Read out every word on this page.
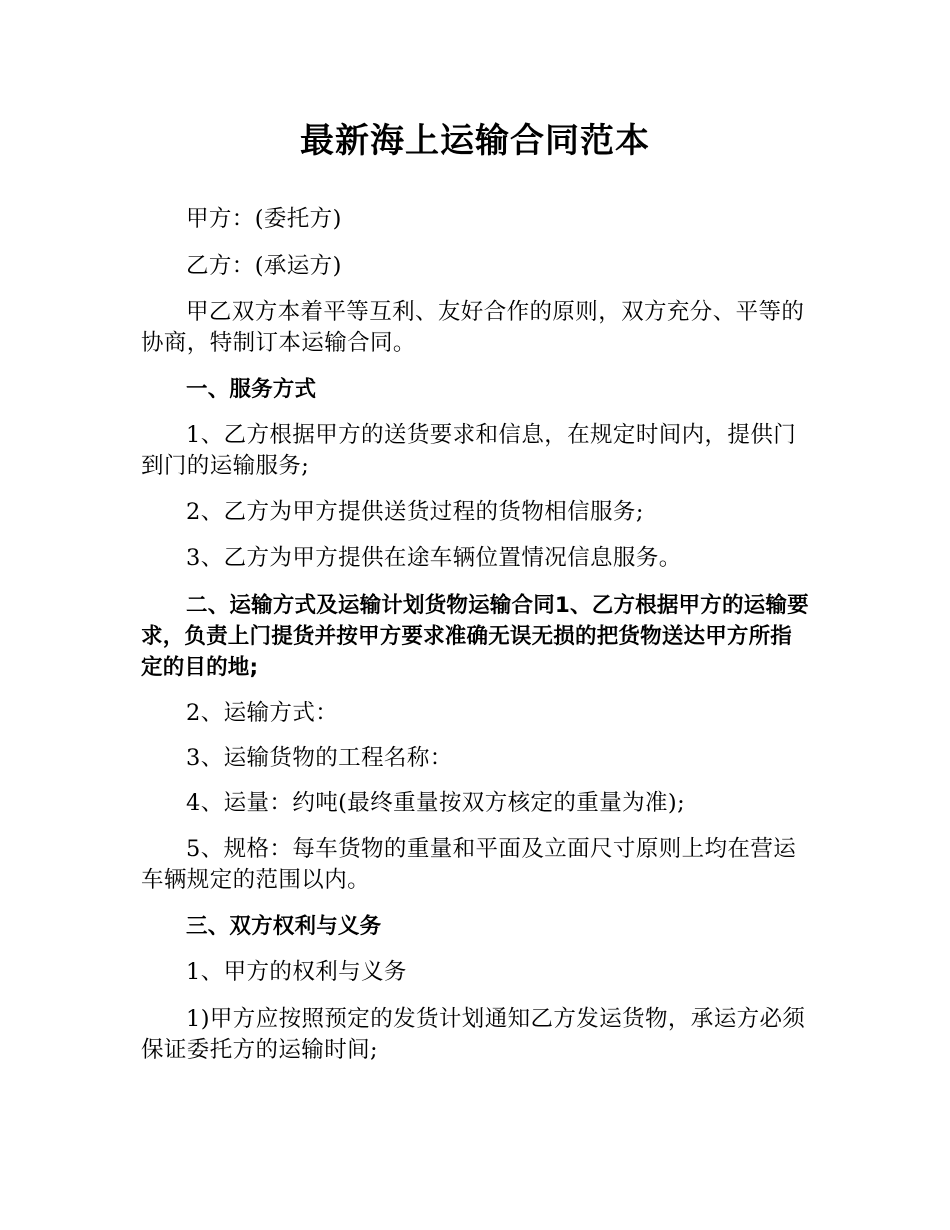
最新海上运输合同范本
甲方：(委托方)
乙方：(承运方)
甲乙双方本着平等互利、友好合作的原则，双方充分、平等的协商，特制订本运输合同。
一、服务方式
1、乙方根据甲方的送货要求和信息，在规定时间内，提供门到门的运输服务;
2、乙方为甲方提供送货过程的货物相信服务;
3、乙方为甲方提供在途车辆位置情况信息服务。
二、运输方式及运输计划货物运输合同1、乙方根据甲方的运输要求，负责上门提货并按甲方要求准确无误无损的把货物送达甲方所指定的目的地;
2、运输方式：
3、运输货物的工程名称：
4、运量：约吨(最终重量按双方核定的重量为准);
5、规格：每车货物的重量和平面及立面尺寸原则上均在营运车辆规定的范围以内。
三、双方权利与义务
1、甲方的权利与义务
1)甲方应按照预定的发货计划通知乙方发运货物，承运方必须保证委托方的运输时间;
